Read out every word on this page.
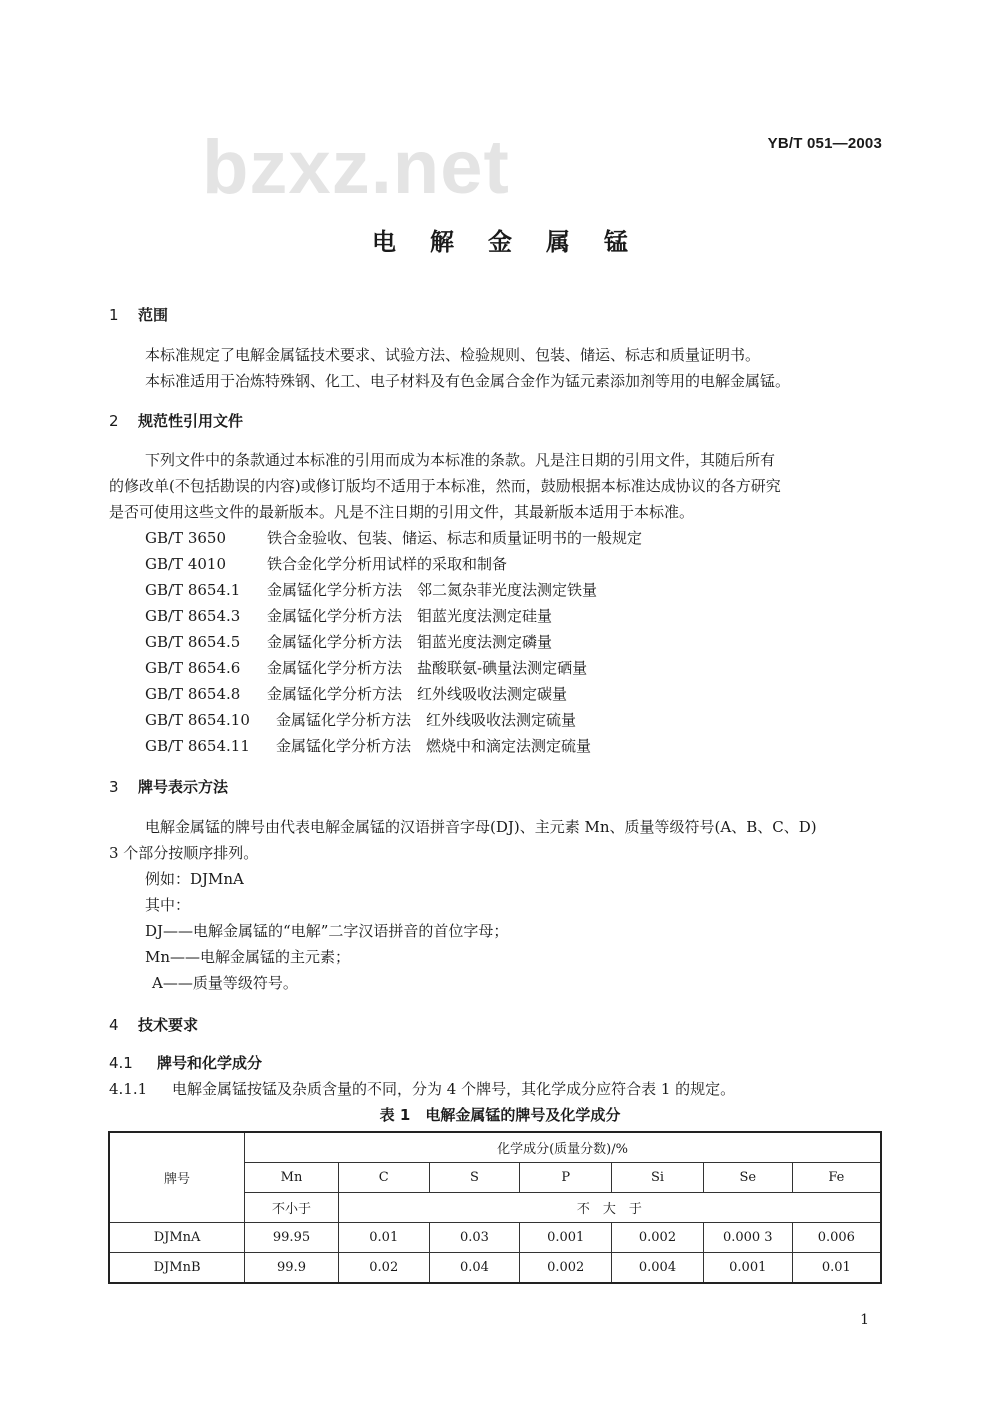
bzxz.net	YB/T 051—2003
电解金属锰
1 范围
本标准规定了电解金属锰技术要求、试验方法、检验规则、包装、储运、标志和质量证明书。
本标准适用于冶炼特殊钢、化工、电子材料及有色金属合金作为锰元素添加剂等用的电解金属锰。
2 规范性引用文件
下列文件中的条款通过本标准的引用而成为本标准的条款。凡是注日期的引用文件，其随后所有
的修改单(不包括勘误的内容)或修订版均不适用于本标准，然而，鼓励根据本标准达成协议的各方研究
是否可使用这些文件的最新版本。凡是不注日期的引用文件，其最新版本适用于本标准。
GB/T 3650	铁合金验收、包装、储运、标志和质量证明书的一般规定
GB/T 4010	铁合金化学分析用试样的采取和制备
GB/T 8654.1 金属锰化学分析方法　邻二氮杂菲光度法测定铁量
GB/T 8654.3 金属锰化学分析方法　钼蓝光度法测定硅量
GB/T 8654.5 金属锰化学分析方法　钼蓝光度法测定磷量
GB/T 8654.6 金属锰化学分析方法　盐酸联氨-碘量法测定硒量
GB/T 8654.8 金属锰化学分析方法　红外线吸收法测定碳量
GB/T 8654.10 金属锰化学分析方法　红外线吸收法测定硫量
GB/T 8654.11 金属锰化学分析方法　燃烧中和滴定法测定硫量
3 牌号表示方法
电解金属锰的牌号由代表电解金属锰的汉语拼音字母(DJ)、主元素 Mn、质量等级符号(A、B、C、D)
3 个部分按顺序排列。
例如：DJMnA
其中：
DJ——电解金属锰的“电解”二字汉语拼音的首位字母；
Mn——电解金属锰的主元素；
A——质量等级符号。
4 技术要求
4.1 牌号和化学成分
4.1.1 电解金属锰按锰及杂质含量的不同，分为 4 个牌号，其化学成分应符合表 1 的规定。
表 1　电解金属锰的牌号及化学成分
牌号	化学成分(质量分数)/%						
	Mn	C	S	P	Si	Se	Fe
	不小于	不　大　于					
DJMnA	99.95	0.01	0.03	0.001	0.002	0.000 3	0.006
DJMnB	99.9	0.02	0.04	0.002	0.004	0.001	0.01
1
